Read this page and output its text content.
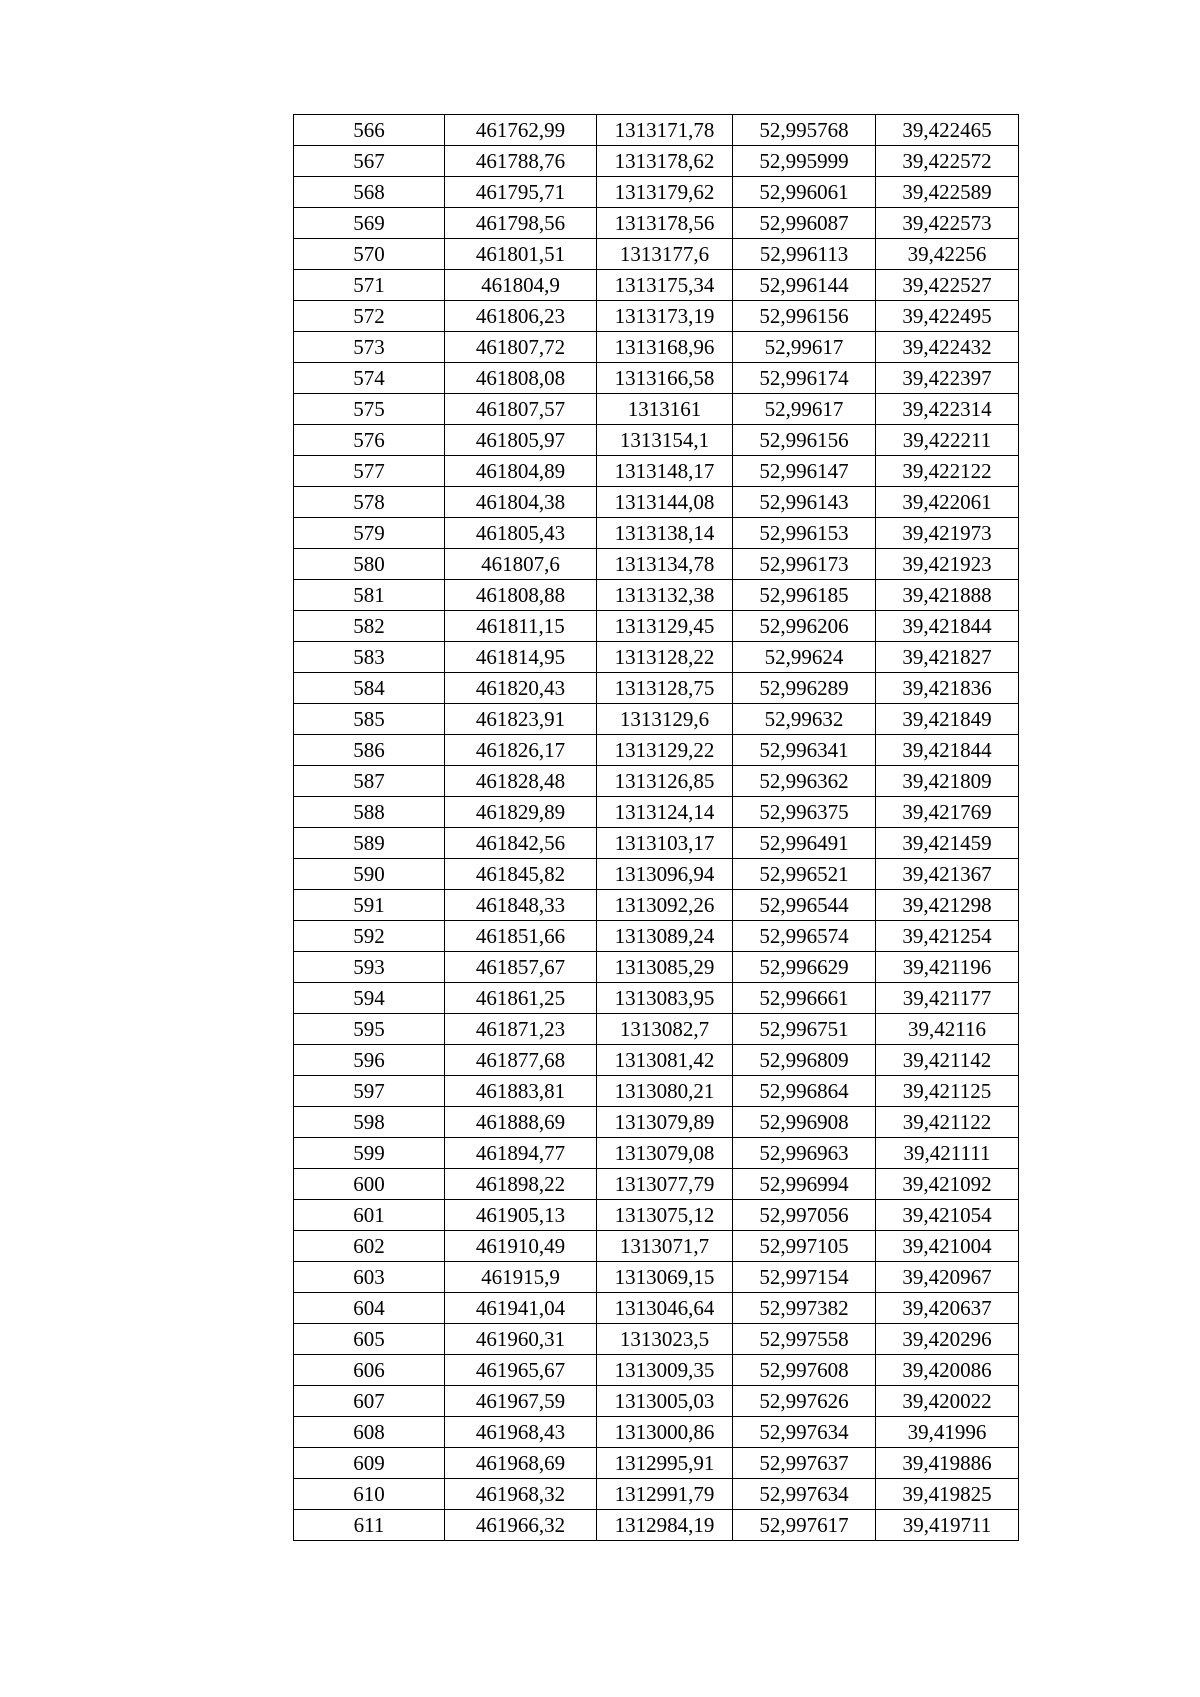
566	461762,99	1313171,78	52,995768	39,422465
567	461788,76	1313178,62	52,995999	39,422572
568	461795,71	1313179,62	52,996061	39,422589
569	461798,56	1313178,56	52,996087	39,422573
570	461801,51	1313177,6	52,996113	39,42256
571	461804,9	1313175,34	52,996144	39,422527
572	461806,23	1313173,19	52,996156	39,422495
573	461807,72	1313168,96	52,99617	39,422432
574	461808,08	1313166,58	52,996174	39,422397
575	461807,57	1313161	52,99617	39,422314
576	461805,97	1313154,1	52,996156	39,422211
577	461804,89	1313148,17	52,996147	39,422122
578	461804,38	1313144,08	52,996143	39,422061
579	461805,43	1313138,14	52,996153	39,421973
580	461807,6	1313134,78	52,996173	39,421923
581	461808,88	1313132,38	52,996185	39,421888
582	461811,15	1313129,45	52,996206	39,421844
583	461814,95	1313128,22	52,99624	39,421827
584	461820,43	1313128,75	52,996289	39,421836
585	461823,91	1313129,6	52,99632	39,421849
586	461826,17	1313129,22	52,996341	39,421844
587	461828,48	1313126,85	52,996362	39,421809
588	461829,89	1313124,14	52,996375	39,421769
589	461842,56	1313103,17	52,996491	39,421459
590	461845,82	1313096,94	52,996521	39,421367
591	461848,33	1313092,26	52,996544	39,421298
592	461851,66	1313089,24	52,996574	39,421254
593	461857,67	1313085,29	52,996629	39,421196
594	461861,25	1313083,95	52,996661	39,421177
595	461871,23	1313082,7	52,996751	39,42116
596	461877,68	1313081,42	52,996809	39,421142
597	461883,81	1313080,21	52,996864	39,421125
598	461888,69	1313079,89	52,996908	39,421122
599	461894,77	1313079,08	52,996963	39,421111
600	461898,22	1313077,79	52,996994	39,421092
601	461905,13	1313075,12	52,997056	39,421054
602	461910,49	1313071,7	52,997105	39,421004
603	461915,9	1313069,15	52,997154	39,420967
604	461941,04	1313046,64	52,997382	39,420637
605	461960,31	1313023,5	52,997558	39,420296
606	461965,67	1313009,35	52,997608	39,420086
607	461967,59	1313005,03	52,997626	39,420022
608	461968,43	1313000,86	52,997634	39,41996
609	461968,69	1312995,91	52,997637	39,419886
610	461968,32	1312991,79	52,997634	39,419825
611	461966,32	1312984,19	52,997617	39,419711
